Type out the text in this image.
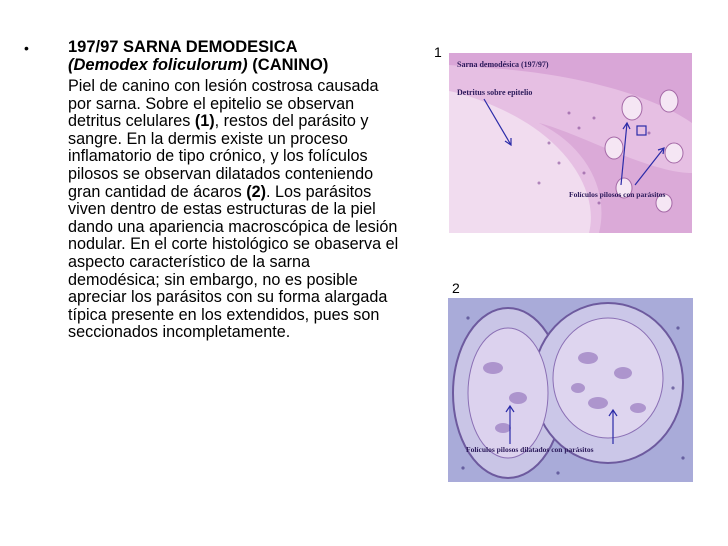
• 197/97 SARNA DEMODESICA
(Demodex foliculorum) (CANINO)
Piel de canino con lesión costrosa causada por sarna. Sobre el epitelio se observan detritus celulares (1), restos del parásito y sangre. En la dermis existe un proceso inflamatorio de tipo crónico, y los folículos pilosos se observan dilatados conteniendo gran cantidad de ácaros (2). Los parásitos viven dentro de estas estructuras de la piel dando una apariencia macroscópica de lesión nodular. En el corte histológico se obaserva el aspecto característico de la sarna demodésica; sin embargo, no es posible apreciar los parásitos con su forma alargada típica presente en los extendidos, pues son seccionados incompletamente.
1
Sarna demodésica (197/97)
Detritus sobre epitelio
Folículos pilosos con parásitos
2
Folículos pilosos dilatados con parásitos
